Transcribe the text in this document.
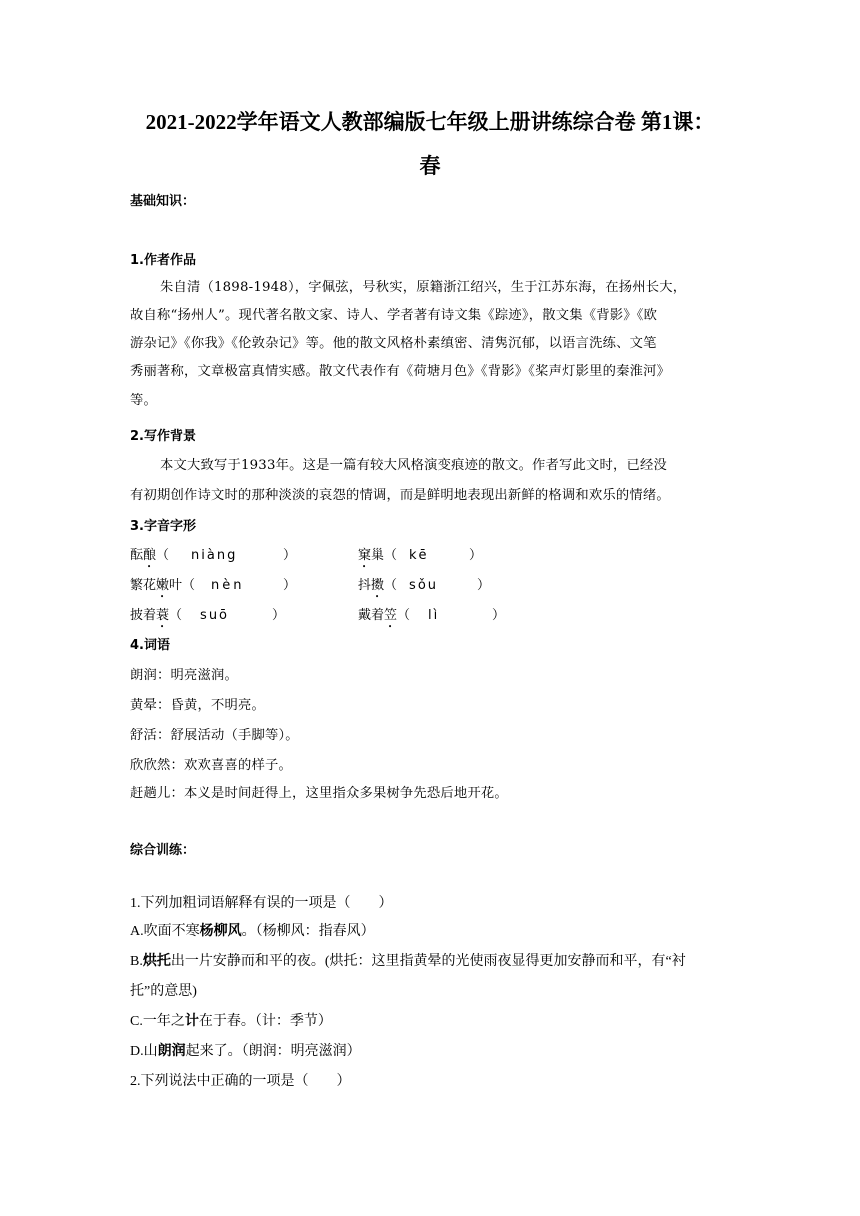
2021-2022学年语文人教部编版七年级上册讲练综合卷 第1课：
春
基础知识：
1.作者作品
朱自清（1898-1948），字佩弦，号秋实，原籍浙江绍兴，生于江苏东海，在扬州长大，
故自称“扬州人”。现代著名散文家、诗人、学者著有诗文集《踪迹》，散文集《背影》《欧
游杂记》《你我》《伦敦杂记》等。他的散文风格朴素缜密、清隽沉郁，以语言洗练、文笔
秀丽著称，文章极富真情实感。散文代表作有《荷塘月色》《背影》《桨声灯影里的秦淮河》
等。
2.写作背景
本文大致写于1933年。这是一篇有较大风格演变痕迹的散文。作者写此文时，已经没
有初期创作诗文时的那种淡淡的哀怨的情调，而是鲜明地表现出新鲜的格调和欢乐的情绪。
3.字音字形
酝酿（ niàng	）	窠巢（ kē	）
繁花嫩叶（ nèn	）	抖擞（ sǒu	）
披着蓑（ suō	）	戴着笠（ lì	）
4.词语
朗润：明亮滋润。
黄晕：昏黄，不明亮。
舒活：舒展活动（手脚等）。
欣欣然：欢欢喜喜的样子。
赶趟儿：本义是时间赶得上，这里指众多果树争先恐后地开花。
综合训练：
1.下列加粗词语解释有误的一项是（　　）
A.吹面不寒杨柳风。（杨柳风：指春风）
B.烘托出一片安静而和平的夜。(烘托：这里指黄晕的光使雨夜显得更加安静而和平，有“衬
托”的意思)
C.一年之计在于春。（计：季节）
D.山朗润起来了。（朗润：明亮滋润）
2.下列说法中正确的一项是（　　）
